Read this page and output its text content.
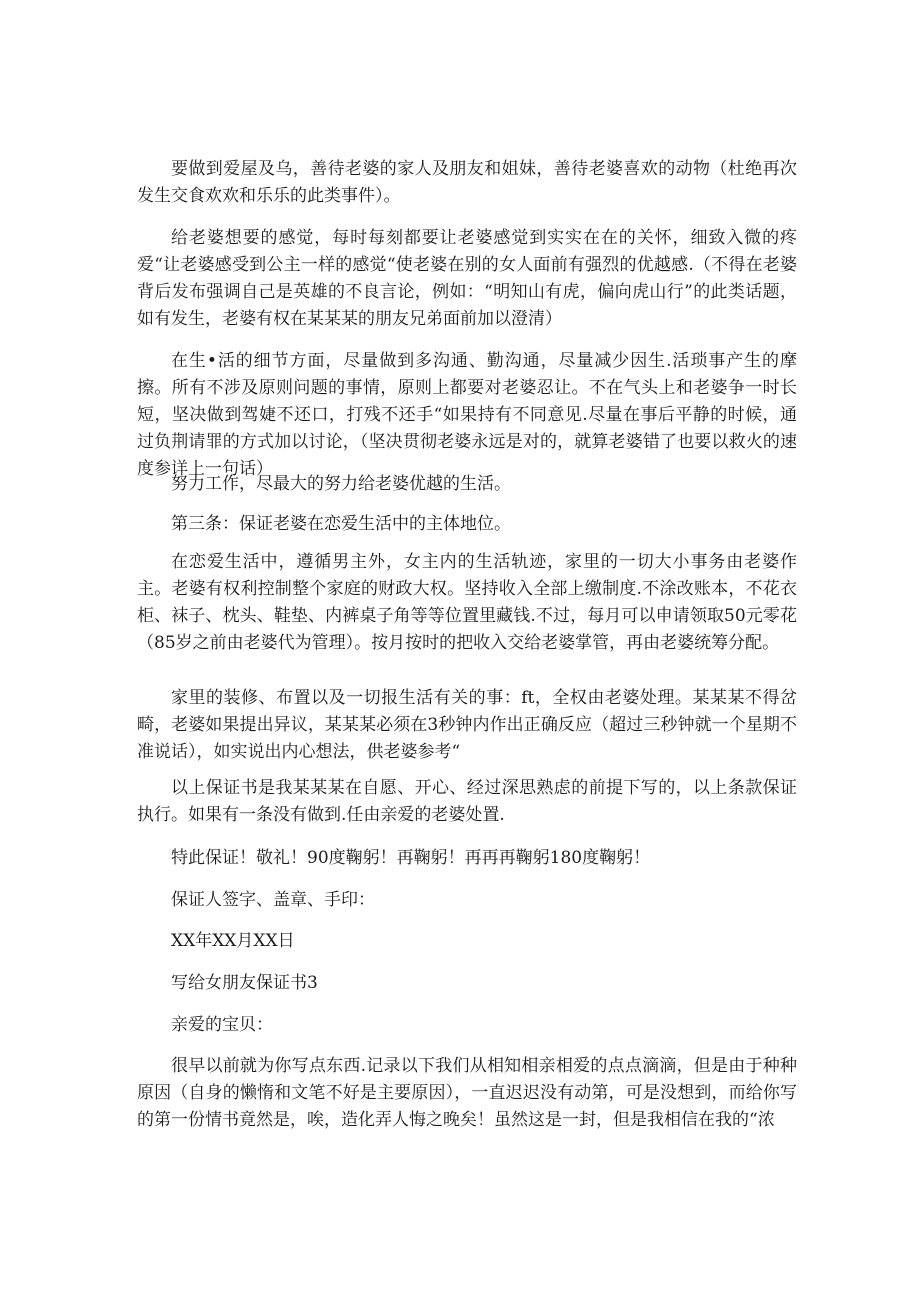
要做到爱屋及乌，善待老婆的家人及朋友和姐妹，善待老婆喜欢的动物（杜绝再次发生交食欢欢和乐乐的此类事件）。

给老婆想要的感觉，每时每刻都要让老婆感觉到实实在在的关怀，细致入微的疼爱“让老婆感受到公主一样的感觉“使老婆在别的女人面前有强烈的优越感.（不得在老婆背后发布强调自己是英雄的不良言论，例如：“明知山有虎，偏向虎山行”的此类话题，如有发生，老婆有权在某某某的朋友兄弟面前加以澄清）

在生•活的细节方面，尽量做到多沟通、勤沟通，尽量减少因生.活琐事产生的摩擦。所有不涉及原则问题的事情，原则上都要对老婆忍让。不在气头上和老婆争一时长短，坚决做到驾婕不还口，打残不还手“如果持有不同意见.尽量在事后平静的时候，通过负荆请罪的方式加以讨论，（坚决贯彻老婆永远是对的，就算老婆错了也要以救火的速度参详上一句话）

努力工作，尽最大的努力给老婆优越的生活。

第三条：保证老婆在恋爱生活中的主体地位。

在恋爱生活中，遵循男主外，女主内的生活轨迹，家里的一切大小事务由老婆作主。老婆有权利控制整个家庭的财政大权。坚持收入全部上缴制度.不涂改账本，不花衣柜、袜子、枕头、鞋垫、内裤桌子角等等位置里藏钱.不过，每月可以申请领取50元零花（85岁之前由老婆代为管理）。按月按时的把收入交给老婆掌管，再由老婆统筹分配。

家里的装修、布置以及一切报生活有关的事：ft，全权由老婆处理。某某某不得岔畸，老婆如果提出异议，某某某必须在3秒钟内作出正确反应（超过三秒钟就一个星期不准说话），如实说出内心想法，供老婆参考“

以上保证书是我某某某在自愿、开心、经过深思熟虑的前提下写的，以上条款保证执行。如果有一条没有做到.任由亲爱的老婆处置.

特此保证！敬礼！90度鞠躬！再鞠躬！再再再鞠躬180度鞠躬！

保证人签字、盖章、手印：

XX年XX月XX日

写给女朋友保证书3

亲爱的宝贝：

很早以前就为你写点东西.记录以下我们从相知相亲相爱的点点滴滴，但是由于种种原因（自身的懒惰和文笔不好是主要原因），一直迟迟没有动第，可是没想到，而给你写的第一份情书竟然是，唉，造化弄人悔之晚矣！虽然这是一封，但是我相信在我的“浓
